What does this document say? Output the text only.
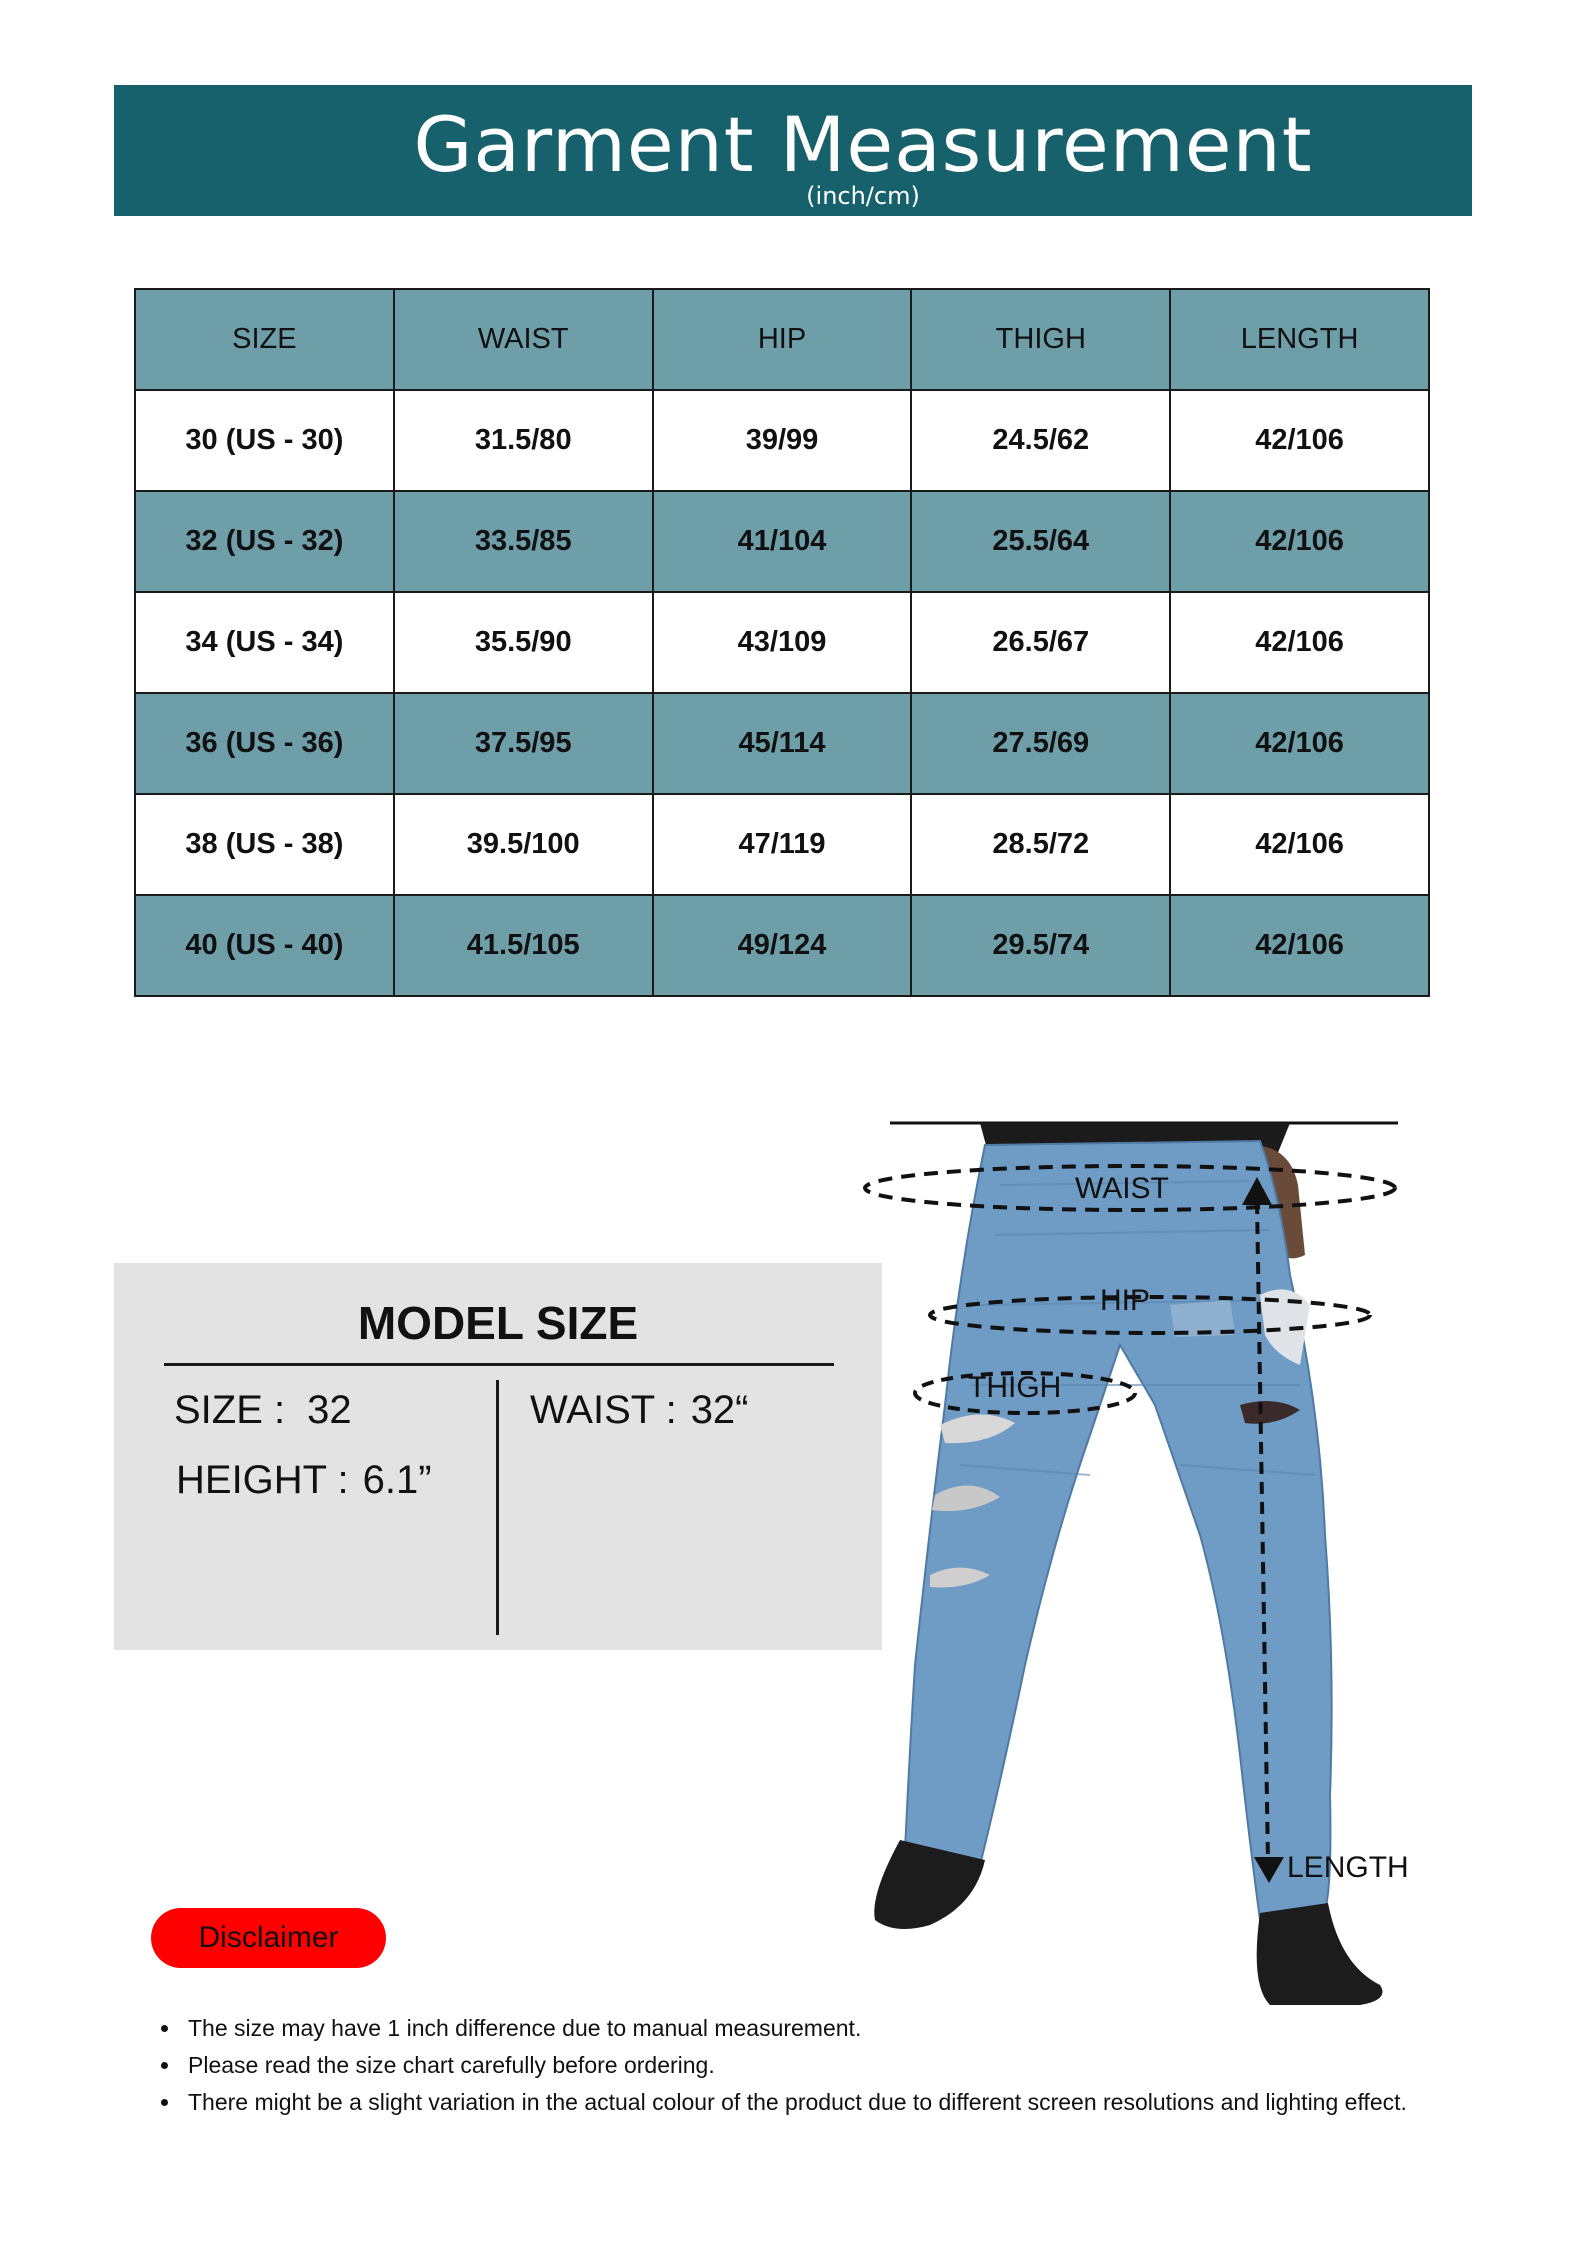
Garment Measurement
(inch/cm)
SIZE	WAIST	HIP	THIGH	LENGTH
30 (US - 30)	31.5/80	39/99	24.5/62	42/106
32 (US - 32)	33.5/85	41/104	25.5/64	42/106
34 (US - 34)	35.5/90	43/109	26.5/67	42/106
36 (US - 36)	37.5/95	45/114	27.5/69	42/106
38 (US - 38)	39.5/100	47/119	28.5/72	42/106
40 (US - 40)	41.5/105	49/124	29.5/74	42/106
MODEL SIZE
SIZE : 32
HEIGHT : 6.1”
WAIST : 32“
WAIST
HIP
THIGH
LENGTH
Disclaimer
• The size may have 1 inch difference due to manual measurement.
• Please read the size chart carefully before ordering.
• There might be a slight variation in the actual colour of the product due to different screen resolutions and lighting effect.
